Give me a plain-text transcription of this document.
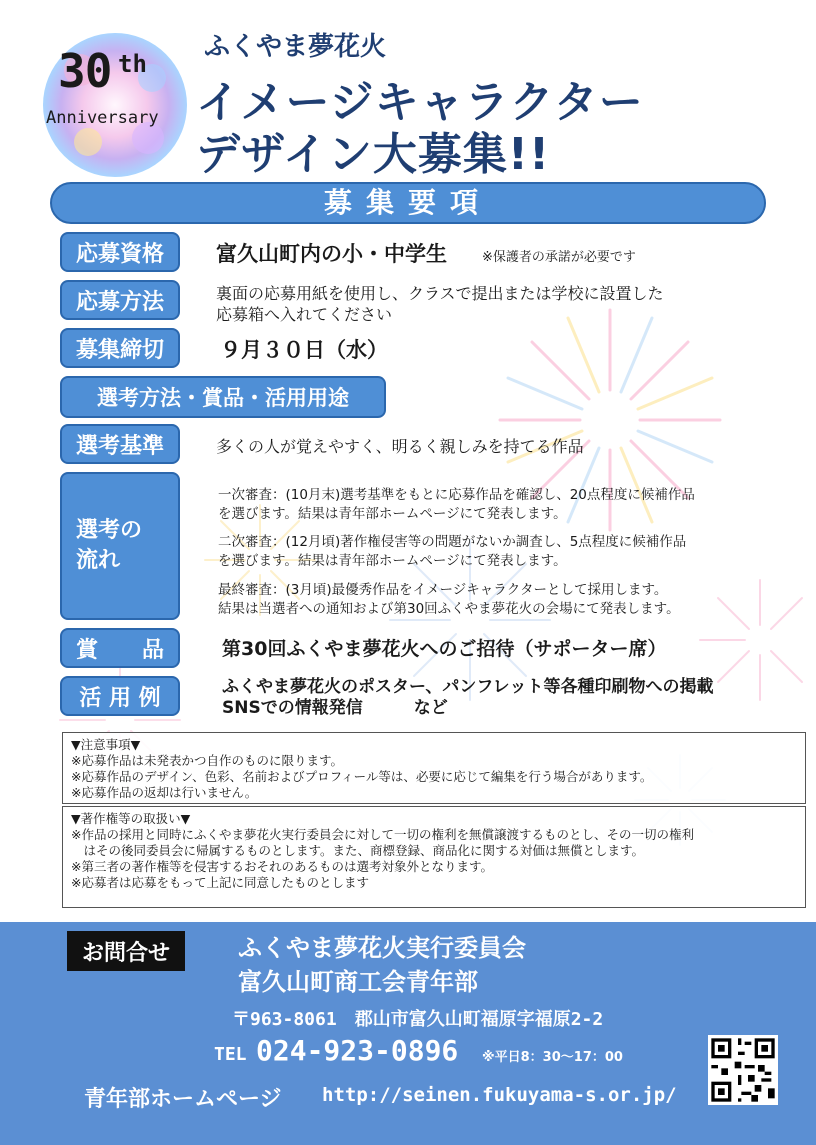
30 th
Anniversary
ふくやま夢花火
イメージキャラクター
デザイン大募集!!
募集要項
応募資格	富久山町内の小・中学生	※保護者の承諾が必要です
応募方法	裏面の応募用紙を使用し、クラスで提出または学校に設置した
応募箱へ入れてください
募集締切	９月３０日（水）
選考方法・賞品・活用用途
選考基準	多くの人が覚えやすく、明るく親しみを持てる作品
選考の
流れ
一次審査：(10月末)選考基準をもとに応募作品を確認し、20点程度に候補作品
を選びます。結果は青年部ホームページにて発表します。
二次審査：(12月頃)著作権侵害等の問題がないか調査し、5点程度に候補作品
を選びます。結果は青年部ホームページにて発表します。
最終審査：(3月頃)最優秀作品をイメージキャラクターとして採用します。
結果は当選者への通知および第30回ふくやま夢花火の会場にて発表します。
賞　　品	第30回ふくやま夢花火へのご招待（サポーター席）
活 用 例	ふくやま夢花火のポスター、パンフレット等各種印刷物への掲載
SNSでの情報発信　　　など
▼注意事項▼
※応募作品は未発表かつ自作のものに限ります。
※応募作品のデザイン、色彩、名前およびプロフィール等は、必要に応じて編集を行う場合があります。
※応募作品の返却は行いません。
▼著作権等の取扱い▼
※作品の採用と同時にふくやま夢花火実行委員会に対して一切の権利を無償譲渡するものとし、その一切の権利
　はその後同委員会に帰属するものとします。また、商標登録、商品化に関する対価は無償とします。
※第三者の著作権等を侵害するおそれのあるものは選考対象外となります。
※応募者は応募をもって上記に同意したものとします
お問合せ	ふくやま夢花火実行委員会
富久山町商工会青年部
〒963-8061　郡山市富久山町福原字福原2-2
TEL 024-923-0896 ※平日8：30～17：00
青年部ホームページ http://seinen.fukuyama-s.or.jp/
